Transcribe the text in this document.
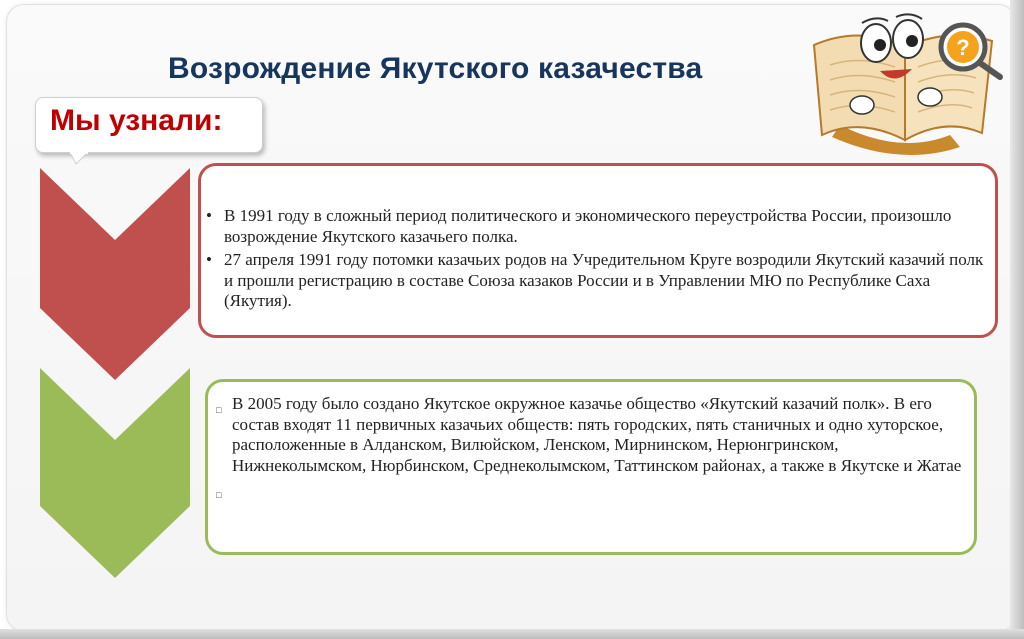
Возрождение Якутского казачества
Мы узнали:
• В 1991 году в сложный период политического и экономического переустройства России, произошло возрождение Якутского казачьего полка.
• 27 апреля 1991 году потомки казачьих родов на Учредительном Круге возродили Якутский казачий полк и прошли регистрацию в составе Союза казаков России и в Управлении МЮ по Республике Саха (Якутия).
□ В 2005 году было создано Якутское окружное казачье общество «Якутский казачий полк». В его состав входят 11 первичных казачьих обществ: пять городских, пять станичных и одно хуторское, расположенные в Алданском, Вилюйском, Ленском, Мирнинском, Нерюнгринском, Нижнеколымском, Нюрбинском, Среднеколымском, Таттинском районах, а также в Якутске и Жатае
□
?
